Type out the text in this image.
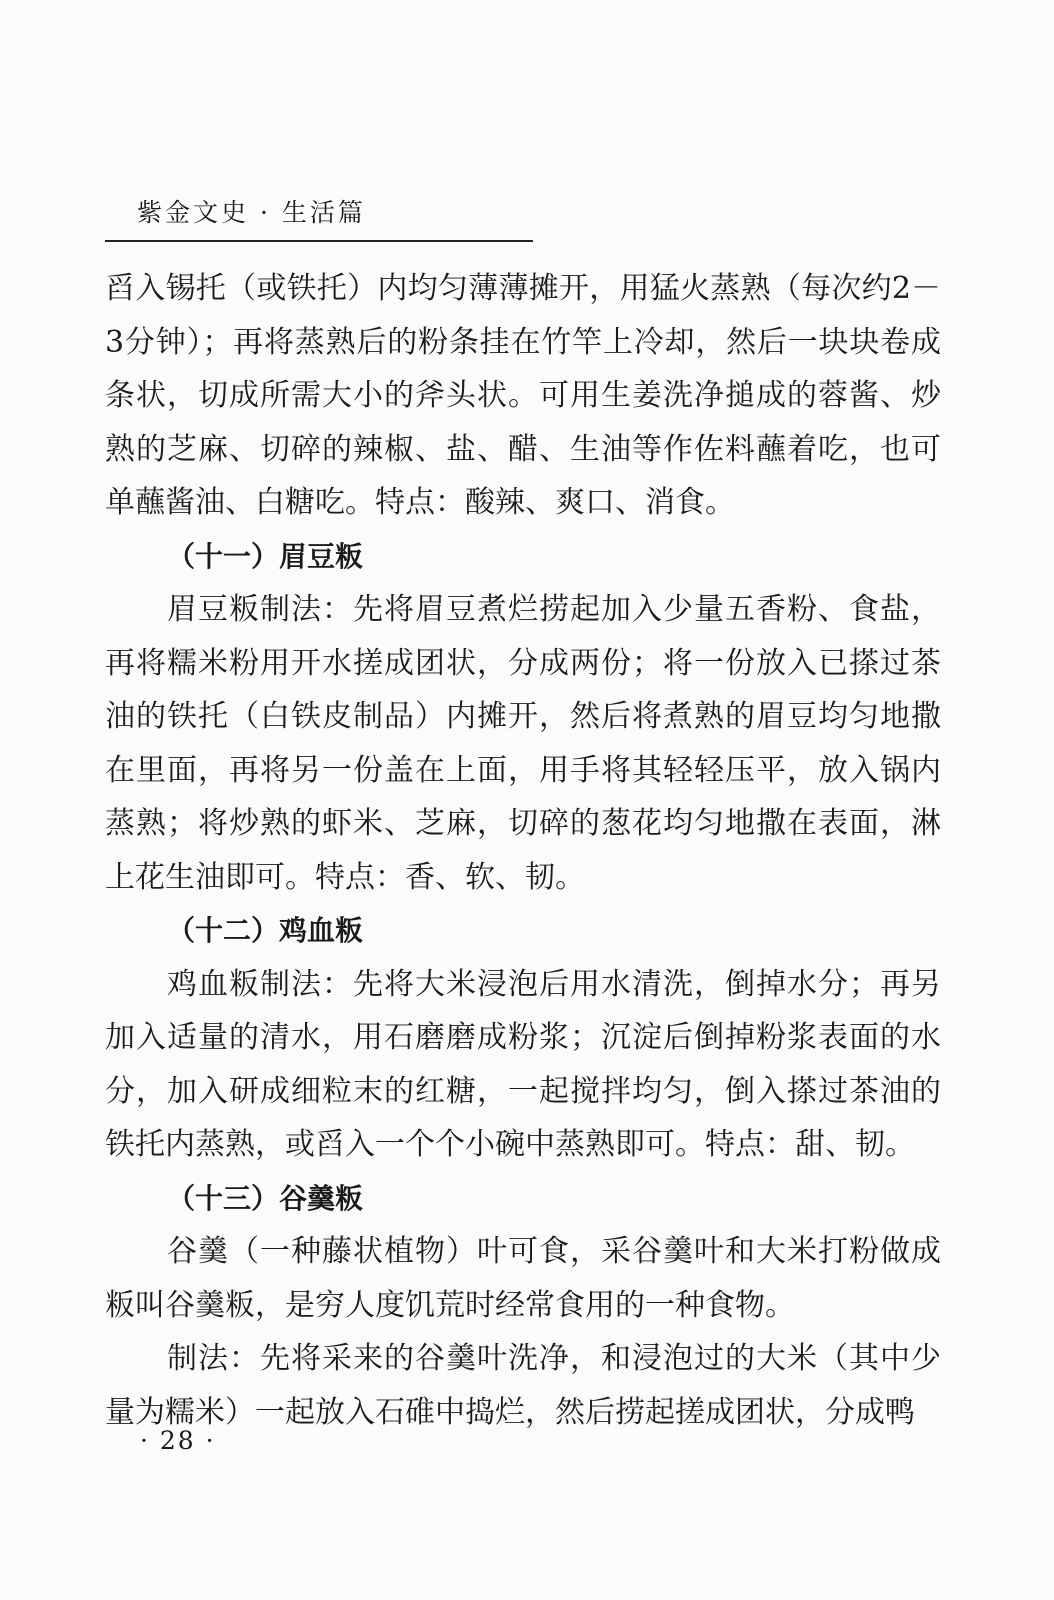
紫金文史 · 生活篇

舀入锡托（或铁托）内均匀薄薄摊开，用猛火蒸熟（每次约2－3分钟）；再将蒸熟后的粉条挂在竹竿上冷却，然后一块块卷成条状，切成所需大小的斧头状。可用生姜洗净搥成的蓉酱、炒熟的芝麻、切碎的辣椒、盐、醋、生油等作佐料蘸着吃，也可单蘸酱油、白糖吃。特点：酸辣、爽口、消食。

（十一）眉豆粄

眉豆粄制法：先将眉豆煮烂捞起加入少量五香粉、食盐，再将糯米粉用开水搓成团状，分成两份；将一份放入已搽过茶油的铁托（白铁皮制品）内摊开，然后将煮熟的眉豆均匀地撒在里面，再将另一份盖在上面，用手将其轻轻压平，放入锅内蒸熟；将炒熟的虾米、芝麻，切碎的葱花均匀地撒在表面，淋上花生油即可。特点：香、软、韧。

（十二）鸡血粄

鸡血粄制法：先将大米浸泡后用水清洗，倒掉水分；再另加入适量的清水，用石磨磨成粉浆；沉淀后倒掉粉浆表面的水分，加入研成细粒末的红糖，一起搅拌均匀，倒入搽过茶油的铁托内蒸熟，或舀入一个个小碗中蒸熟即可。特点：甜、韧。

（十三）谷羹粄

谷羹（一种藤状植物）叶可食，采谷羹叶和大米打粉做成粄叫谷羹粄，是穷人度饥荒时经常食用的一种食物。

制法：先将采来的谷羹叶洗净，和浸泡过的大米（其中少量为糯米）一起放入石碓中捣烂，然后捞起搓成团状，分成鸭

· 28 ·
